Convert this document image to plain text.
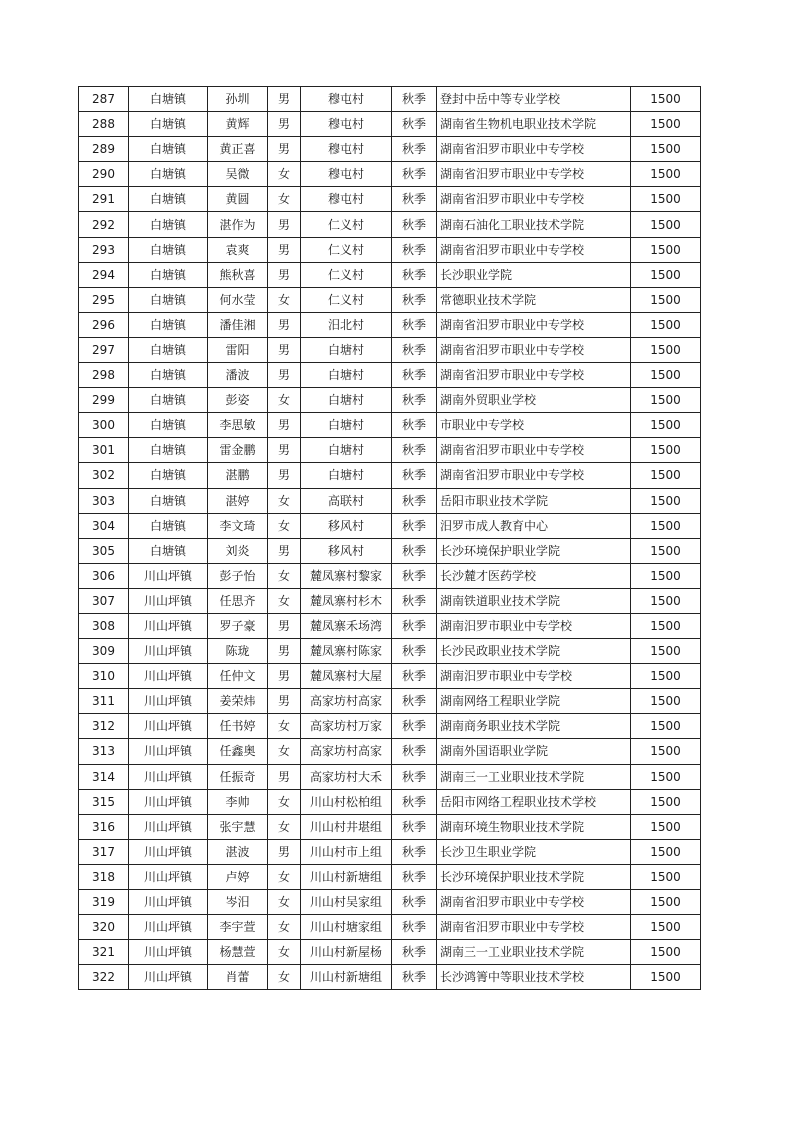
287	白塘镇	孙圳	男	穆屯村	秋季	登封中岳中等专业学校	1500
288	白塘镇	黄辉	男	穆屯村	秋季	湖南省生物机电职业技术学院	1500
289	白塘镇	黄正喜	男	穆屯村	秋季	湖南省汨罗市职业中专学校	1500
290	白塘镇	吴微	女	穆屯村	秋季	湖南省汨罗市职业中专学校	1500
291	白塘镇	黄圆	女	穆屯村	秋季	湖南省汨罗市职业中专学校	1500
292	白塘镇	湛作为	男	仁义村	秋季	湖南石油化工职业技术学院	1500
293	白塘镇	袁爽	男	仁义村	秋季	湖南省汨罗市职业中专学校	1500
294	白塘镇	熊秋喜	男	仁义村	秋季	长沙职业学院	1500
295	白塘镇	何水莹	女	仁义村	秋季	常德职业技术学院	1500
296	白塘镇	潘佳湘	男	汨北村	秋季	湖南省汨罗市职业中专学校	1500
297	白塘镇	雷阳	男	白塘村	秋季	湖南省汨罗市职业中专学校	1500
298	白塘镇	潘波	男	白塘村	秋季	湖南省汨罗市职业中专学校	1500
299	白塘镇	彭姿	女	白塘村	秋季	湖南外贸职业学校	1500
300	白塘镇	李思敏	男	白塘村	秋季	市职业中专学校	1500
301	白塘镇	雷金鹏	男	白塘村	秋季	湖南省汨罗市职业中专学校	1500
302	白塘镇	湛鹏	男	白塘村	秋季	湖南省汨罗市职业中专学校	1500
303	白塘镇	湛婷	女	高联村	秋季	岳阳市职业技术学院	1500
304	白塘镇	李文琦	女	移风村	秋季	汨罗市成人教育中心	1500
305	白塘镇	刘炎	男	移风村	秋季	长沙环境保护职业学院	1500
306	川山坪镇	彭子怡	女	麓凤寨村黎家	秋季	长沙麓才医药学校	1500
307	川山坪镇	任思齐	女	麓凤寨村杉木	秋季	湖南铁道职业技术学院	1500
308	川山坪镇	罗子豪	男	麓凤寨禾场湾	秋季	湖南汨罗市职业中专学校	1500
309	川山坪镇	陈珑	男	麓凤寨村陈家	秋季	长沙民政职业技术学院	1500
310	川山坪镇	任仲文	男	麓凤寨村大屋	秋季	湖南汨罗市职业中专学校	1500
311	川山坪镇	姜荣炜	男	高家坊村高家	秋季	湖南网络工程职业学院	1500
312	川山坪镇	任书婷	女	高家坊村万家	秋季	湖南商务职业技术学院	1500
313	川山坪镇	任鑫奥	女	高家坊村高家	秋季	湖南外国语职业学院	1500
314	川山坪镇	任振奇	男	高家坊村大禾	秋季	湖南三一工业职业技术学院	1500
315	川山坪镇	李帅	女	川山村松柏组	秋季	岳阳市网络工程职业技术学校	1500
316	川山坪镇	张宇慧	女	川山村井堪组	秋季	湖南环境生物职业技术学院	1500
317	川山坪镇	湛波	男	川山村市上组	秋季	长沙卫生职业学院	1500
318	川山坪镇	卢婷	女	川山村新塘组	秋季	长沙环境保护职业技术学院	1500
319	川山坪镇	岑汨	女	川山村吴家组	秋季	湖南省汨罗市职业中专学校	1500
320	川山坪镇	李宇萱	女	川山村塘家组	秋季	湖南省汨罗市职业中专学校	1500
321	川山坪镇	杨慧萱	女	川山村新屋杨	秋季	湖南三一工业职业技术学院	1500
322	川山坪镇	肖蕾	女	川山村新塘组	秋季	长沙鸿箐中等职业技术学校	1500
